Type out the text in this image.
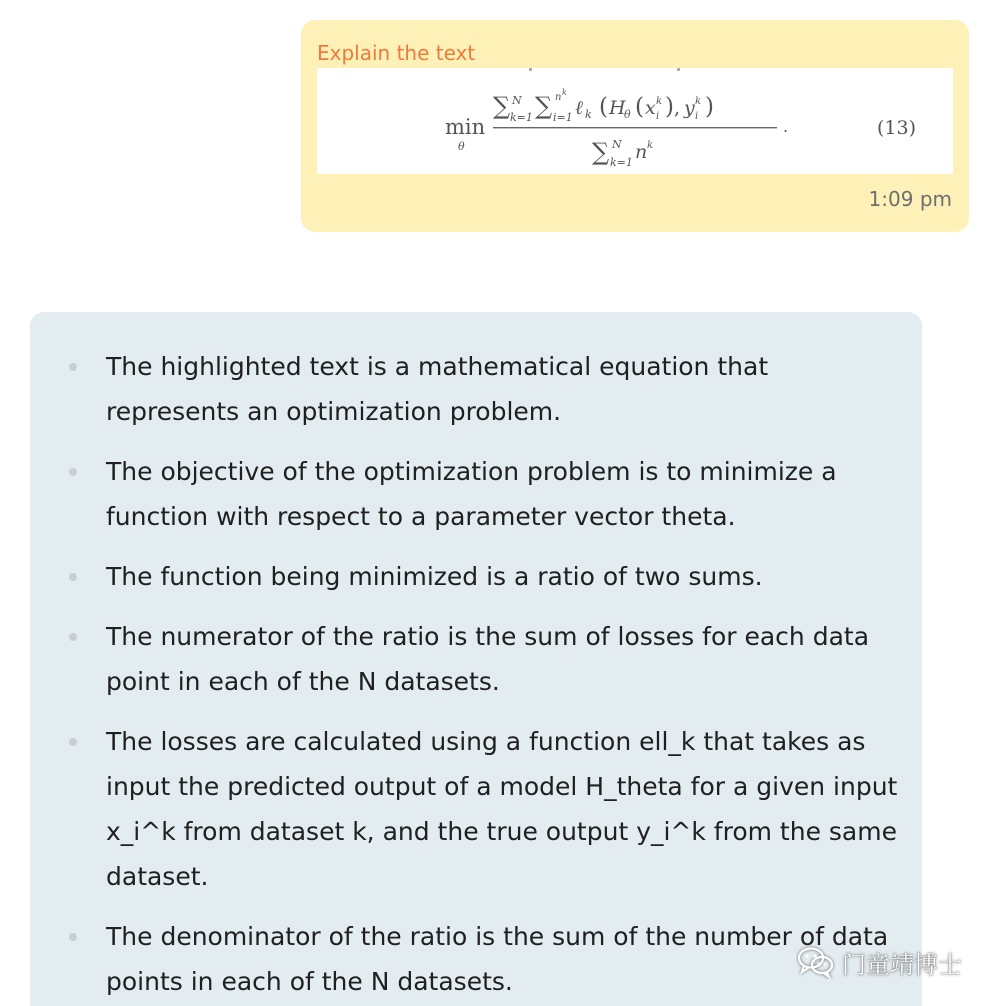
Explain the text
min
θ
∑ N
k=1 ∑ n k
i=1 ℓ k ( H
θ ( x k
i ) , y k
i )
.
∑ N
k=1 n k
(13)
1:09 pm
The highlighted text is a mathematical equation that represents an optimization problem.
The objective of the optimization problem is to minimize a function with respect to a parameter vector theta.
The function being minimized is a ratio of two sums.
The numerator of the ratio is the sum of losses for each data point in each of the N datasets.
The losses are calculated using a function ell_k that takes as input the predicted output of a model H_theta for a given input x_i^k from dataset k, and the true output y_i^k from the same dataset.
The denominator of the ratio is the sum of the number of data points in each of the N datasets.
门童靖博士
